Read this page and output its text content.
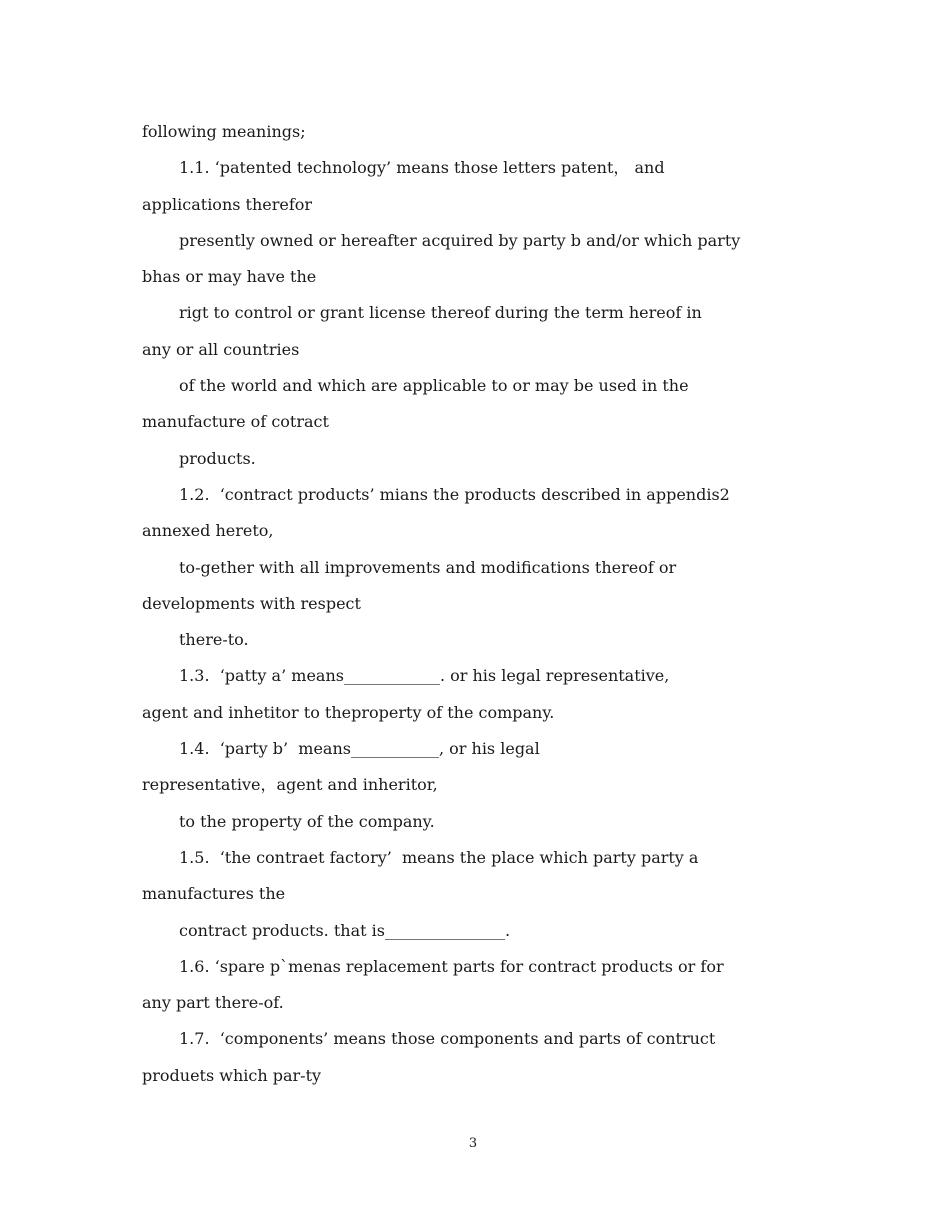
following meanings;
1.1. ‘patented technology’ means those letters patent， and
applications therefor
presently owned or hereafter acquired by party b and/or which party
bhas or may have the
rigt to control or grant license thereof during the term hereof in
any or all countries
of the world and which are applicable to or may be used in the
manufacture of cotract
products.
1.2.  ‘contract products’ mians the products described in appendis2
annexed hereto,
to-gether with all improvements and modifications thereof or
developments with respect
there-to.
1.3.  ‘patty a’ means____________. or his legal representative,
agent and inhetitor to theproperty of the company.
1.4.  ‘party b’  means___________, or his legal
representative，agent and inheritor,
to the property of the company.
1.5.  ‘the contraet factory’  means the place which party party a
manufactures the
contract products. that is_______________.
1.6. ‘spare p`menas replacement parts for contract products or for
any part there-of.
1.7.  ‘components’ means those components and parts of contruct
produets which par-ty
3
